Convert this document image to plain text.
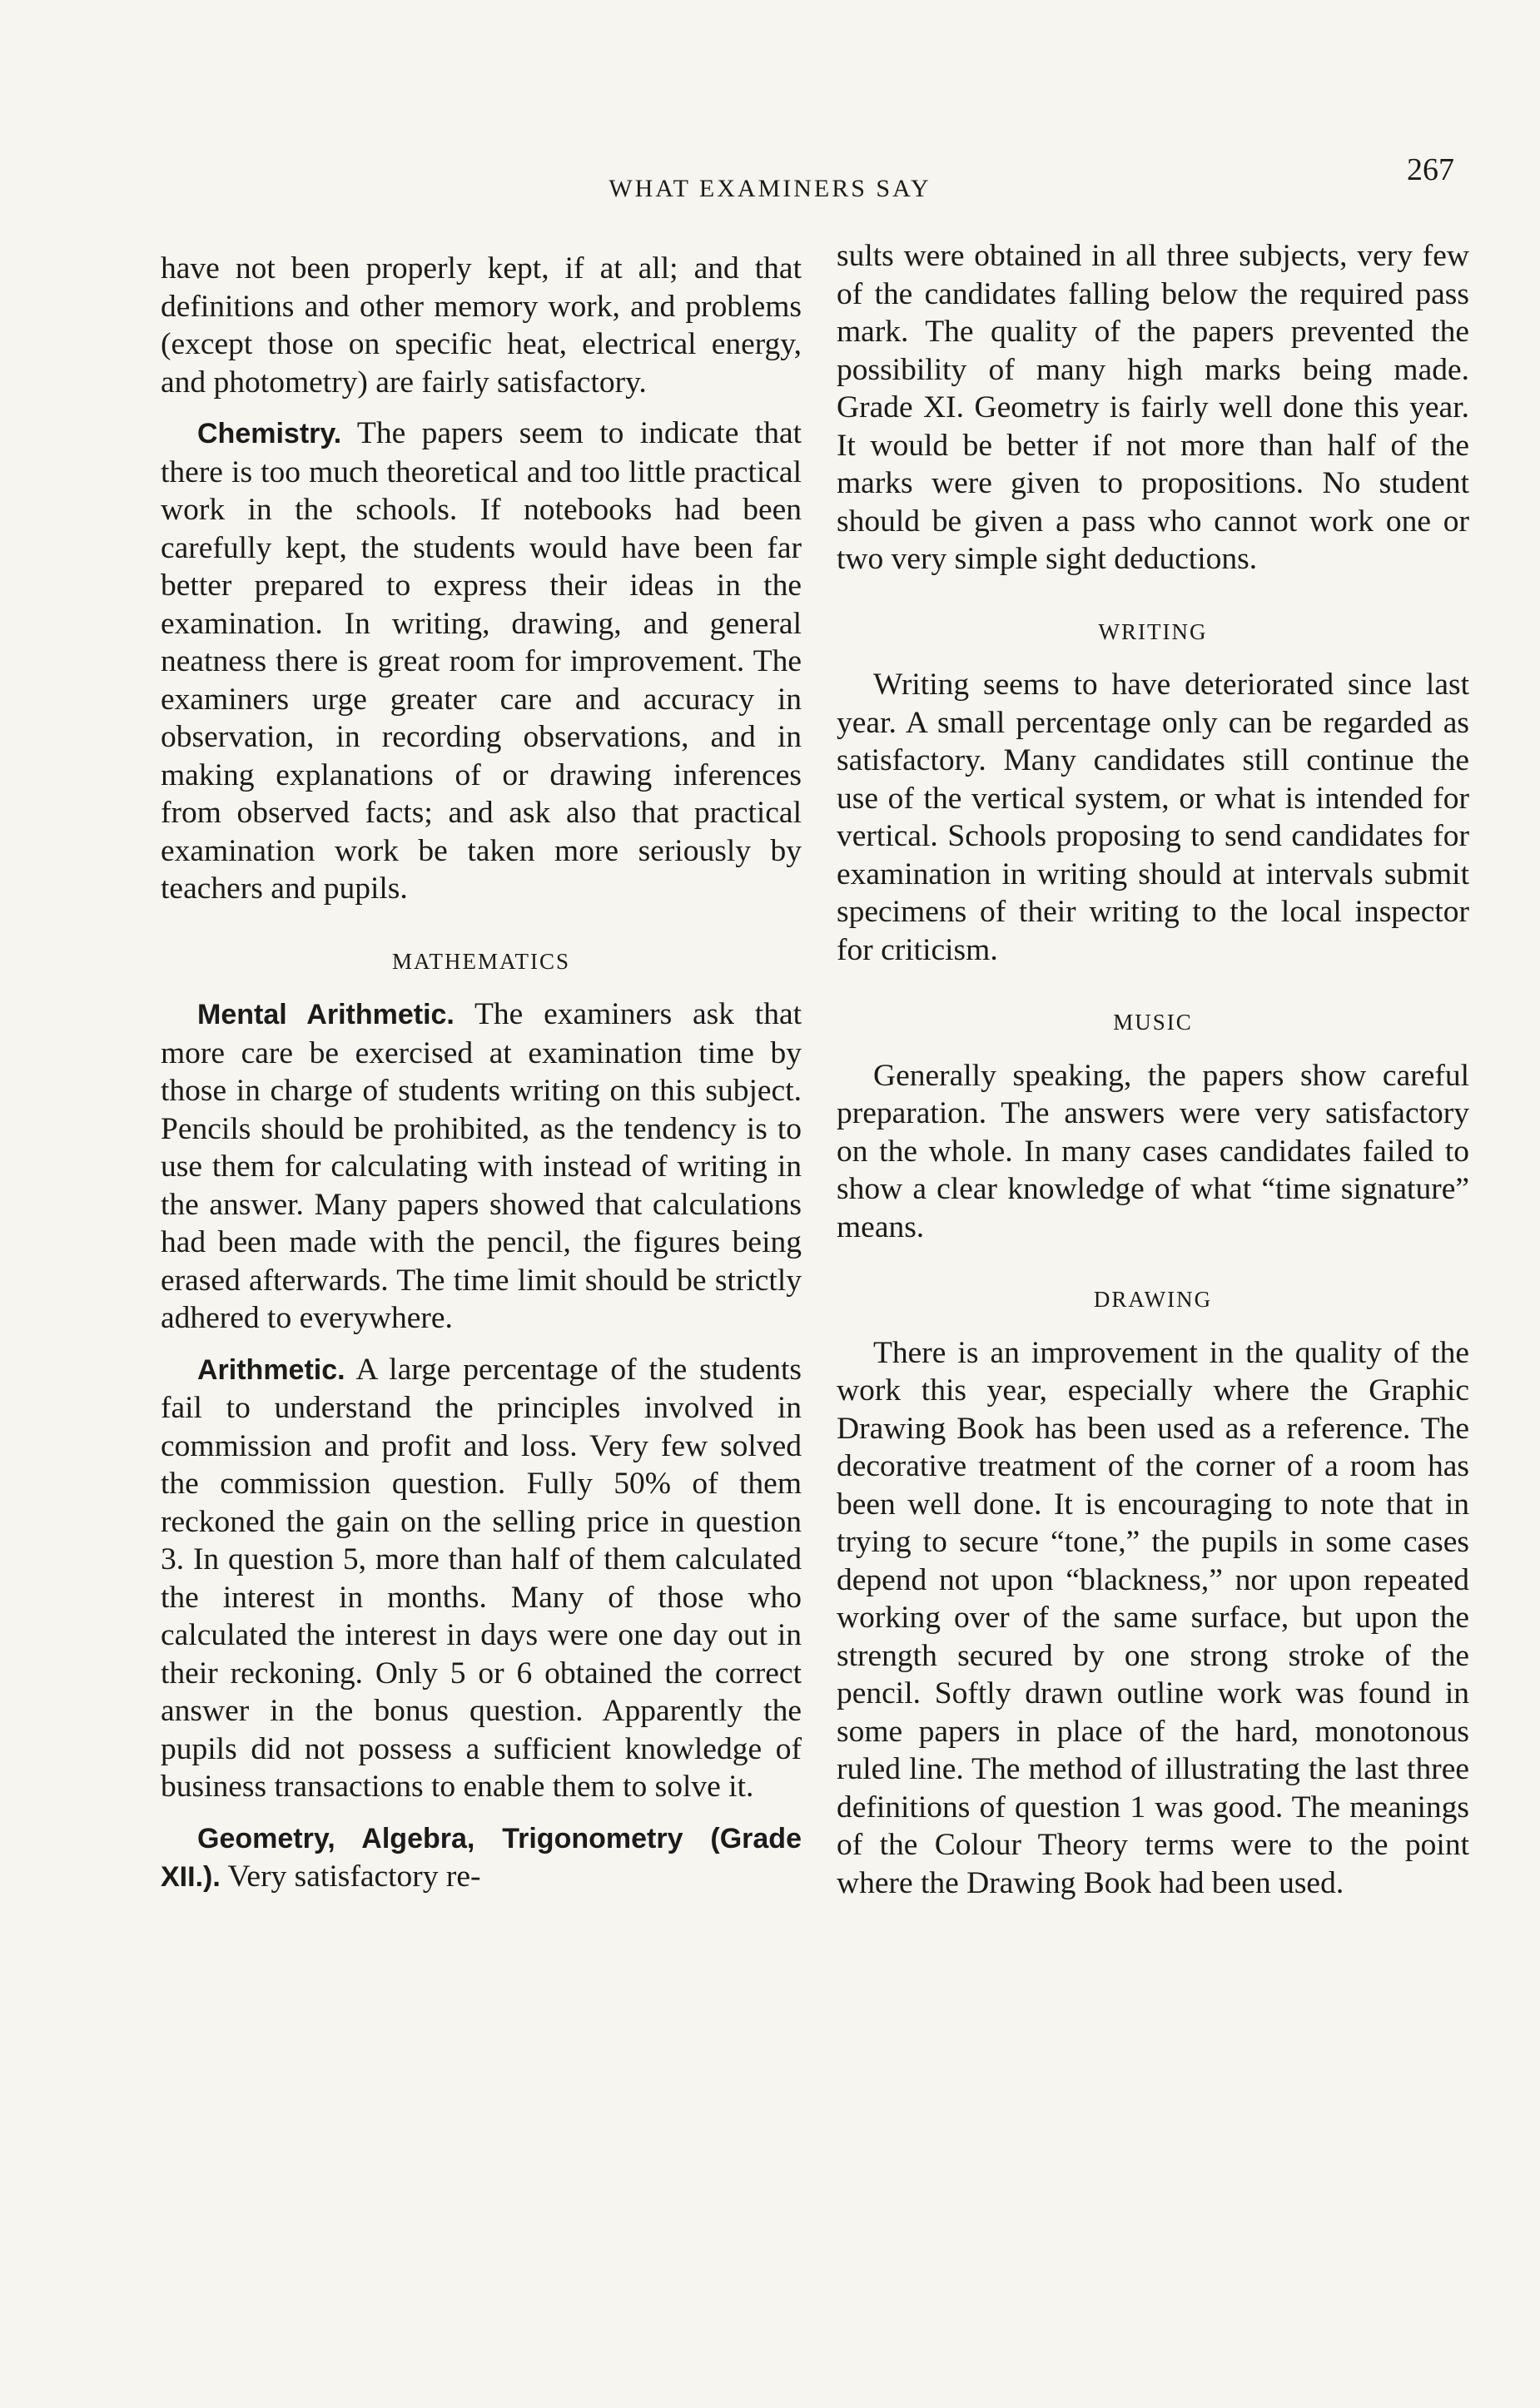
WHAT EXAMINERS SAY
267

have not been properly kept, if at all; and that definitions and other memory work, and problems (except those on specific heat, electrical energy, and photometry) are fairly satisfactory.

Chemistry. The papers seem to indicate that there is too much theoretical and too little practical work in the schools. If notebooks had been carefully kept, the students would have been far better prepared to express their ideas in the examination. In writing, drawing, and general neatness there is great room for improvement. The examiners urge greater care and accuracy in observation, in recording observations, and in making explanations of or drawing inferences from observed facts; and ask also that practical examination work be taken more seriously by teachers and pupils.

MATHEMATICS

Mental Arithmetic. The examiners ask that more care be exercised at examination time by those in charge of students writing on this subject. Pencils should be prohibited, as the tendency is to use them for calculating with instead of writing in the answer. Many papers showed that calculations had been made with the pencil, the figures being erased afterwards. The time limit should be strictly adhered to everywhere.

Arithmetic. A large percentage of the students fail to understand the principles involved in commission and profit and loss. Very few solved the commission question. Fully 50% of them reckoned the gain on the selling price in question 3. In question 5, more than half of them calculated the interest in months. Many of those who calculated the interest in days were one day out in their reckoning. Only 5 or 6 obtained the correct answer in the bonus question. Apparently the pupils did not possess a sufficient knowledge of business transactions to enable them to solve it.

Geometry, Algebra, Trigonometry (Grade XII.). Very satisfactory re-

sults were obtained in all three subjects, very few of the candidates falling below the required pass mark. The quality of the papers prevented the possibility of many high marks being made. Grade XI. Geometry is fairly well done this year. It would be better if not more than half of the marks were given to propositions. No student should be given a pass who cannot work one or two very simple sight deductions.

WRITING

Writing seems to have deteriorated since last year. A small percentage only can be regarded as satisfactory. Many candidates still continue the use of the vertical system, or what is intended for vertical. Schools proposing to send candidates for examination in writing should at intervals submit specimens of their writing to the local inspector for criticism.

MUSIC

Generally speaking, the papers show careful preparation. The answers were very satisfactory on the whole. In many cases candidates failed to show a clear knowledge of what “time signature” means.

DRAWING

There is an improvement in the quality of the work this year, especially where the Graphic Drawing Book has been used as a reference. The decorative treatment of the corner of a room has been well done. It is encouraging to note that in trying to secure “tone,” the pupils in some cases depend not upon “blackness,” nor upon repeated working over of the same surface, but upon the strength secured by one strong stroke of the pencil. Softly drawn outline work was found in some papers in place of the hard, monotonous ruled line. The method of illustrating the last three definitions of question 1 was good. The meanings of the Colour Theory terms were to the point where the Drawing Book had been used.
